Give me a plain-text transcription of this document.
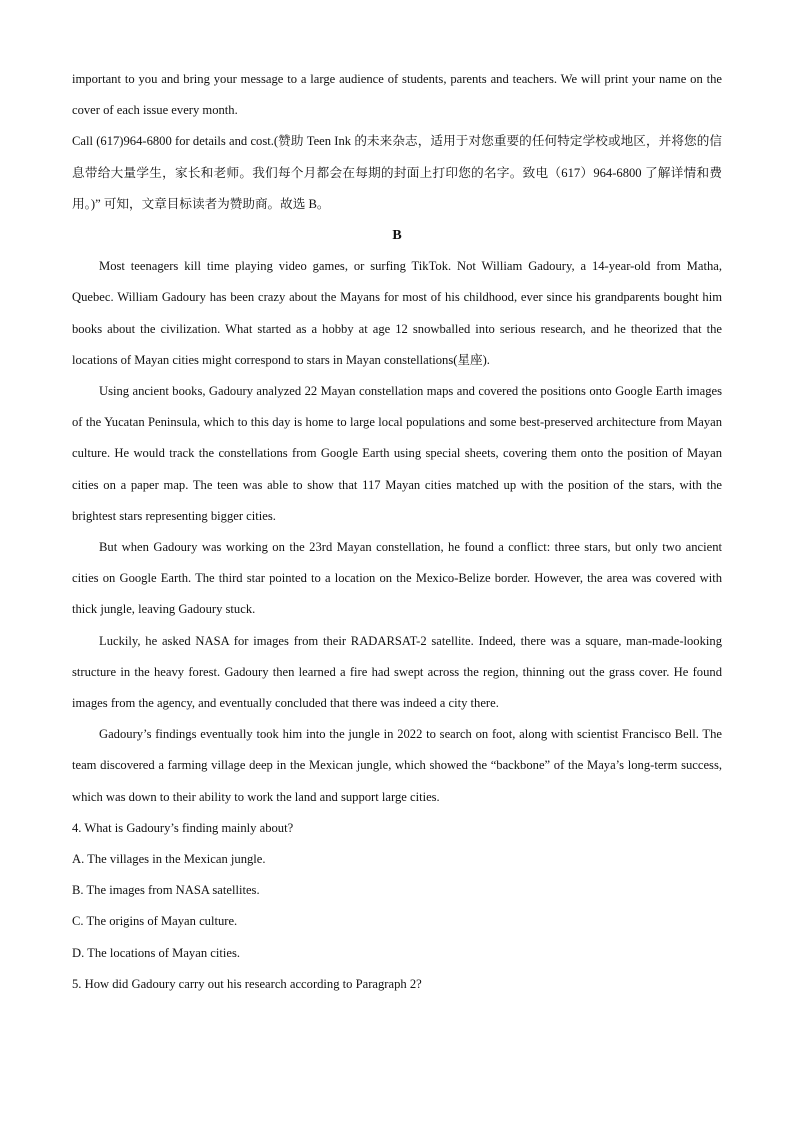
important to you and bring your message to a large audience of students, parents and teachers. We will print your name on the cover of each issue every month.

Call (617)964-6800 for details and cost.(赞助 Teen Ink 的未来杂志，适用于对您重要的任何特定学校或地区，并将您的信息带给大量学生，家长和老师。我们每个月都会在每期的封面上打印您的名字。致电（617）964-6800 了解详情和费用。)” 可知，文章目标读者为赞助商。故选 B。

B

Most teenagers kill time playing video games, or surfing TikTok. Not William Gadoury, a 14-year-old from Matha, Quebec. William Gadoury has been crazy about the Mayans for most of his childhood, ever since his grandparents bought him books about the civilization. What started as a hobby at age 12 snowballed into serious research, and he theorized that the locations of Mayan cities might correspond to stars in Mayan constellations(星座).

Using ancient books, Gadoury analyzed 22 Mayan constellation maps and covered the positions onto Google Earth images of the Yucatan Peninsula, which to this day is home to large local populations and some best-preserved architecture from Mayan culture. He would track the constellations from Google Earth using special sheets, covering them onto the position of Mayan cities on a paper map. The teen was able to show that 117 Mayan cities matched up with the position of the stars, with the brightest stars representing bigger cities.

But when Gadoury was working on the 23rd Mayan constellation, he found a conflict: three stars, but only two ancient cities on Google Earth. The third star pointed to a location on the Mexico-Belize border. However, the area was covered with thick jungle, leaving Gadoury stuck.

Luckily, he asked NASA for images from their RADARSAT-2 satellite. Indeed, there was a square, man-made-looking structure in the heavy forest. Gadoury then learned a fire had swept across the region, thinning out the grass cover. He found images from the agency, and eventually concluded that there was indeed a city there.

Gadoury’s findings eventually took him into the jungle in 2022 to search on foot, along with scientist Francisco Bell. The team discovered a farming village deep in the Mexican jungle, which showed the “backbone” of the Maya’s long-term success, which was down to their ability to work the land and support large cities.

4. What is Gadoury’s finding mainly about?

A. The villages in the Mexican jungle.

B. The images from NASA satellites.

C. The origins of Mayan culture.

D. The locations of Mayan cities.

5. How did Gadoury carry out his research according to Paragraph 2?
